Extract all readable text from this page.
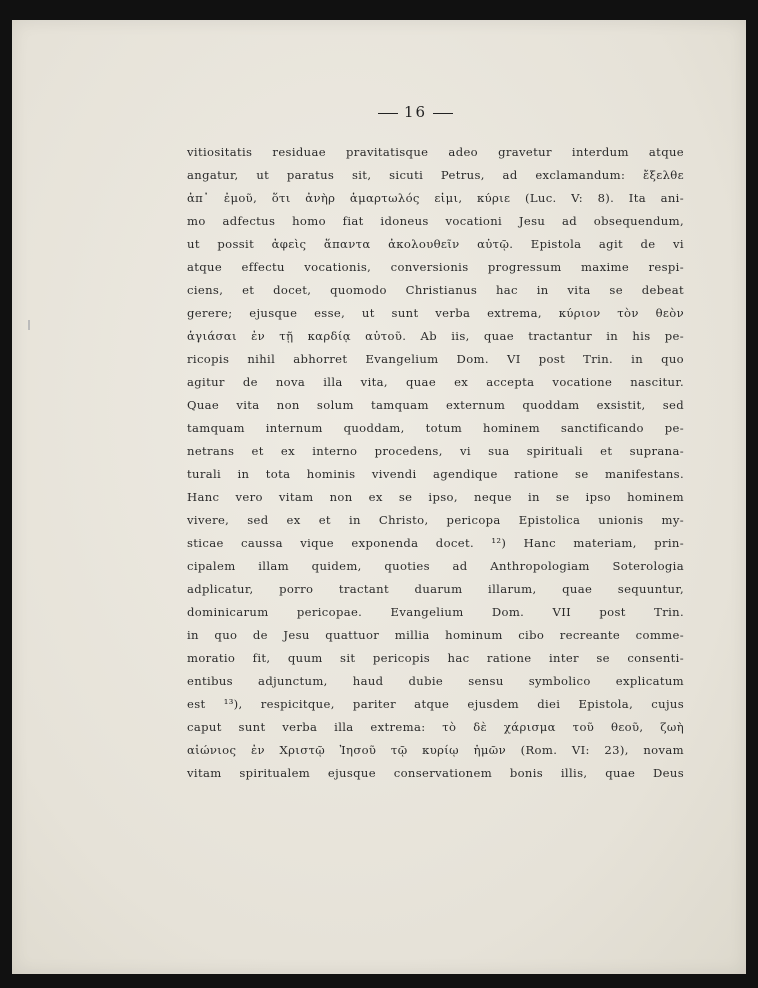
16
vitiositatis residuae pravitatisque adeo gravetur interdum atque
angatur, ut paratus sit, sicuti Petrus, ad exclamandum: ἔξελθε
ἀπ᾽ ἐμοῦ, ὅτι ἀνὴρ ἁμαρτωλός εἰμι, κύριε (Luc. V: 8). Ita ani-
mo adfectus homo fiat idoneus vocationi Jesu ad obsequendum,
ut possit ἀφεὶς ἅπαντα ἀκολουθεῖν αὐτῷ. Epistola agit de vi
atque effectu vocationis, conversionis progressum maxime respi-
ciens, et docet, quomodo Christianus hac in vita se debeat
gerere; ejusque esse, ut sunt verba extrema, κύριον τὸν θεὸν
ἁγιάσαι ἐν τῇ καρδίᾳ αὐτοῦ. Ab iis, quae tractantur in his pe-
ricopis nihil abhorret Evangelium Dom. VI post Trin. in quo
agitur de nova illa vita, quae ex accepta vocatione nascitur.
Quae vita non solum tamquam externum quoddam exsistit, sed
tamquam internum quoddam, totum hominem sanctificando pe-
netrans et ex interno procedens, vi sua spirituali et suprana-
turali in tota hominis vivendi agendique ratione se manifestans.
Hanc vero vitam non ex se ipso, neque in se ipso hominem
vivere, sed ex et in Christo, pericopa Epistolica unionis my-
sticae caussa vique exponenda docet. ¹²) Hanc materiam, prin-
cipalem illam quidem, quoties ad Anthropologiam Soterologia
adplicatur, porro tractant duarum illarum, quae sequuntur,
dominicarum pericopae. Evangelium Dom. VII post Trin.
in quo de Jesu quattuor millia hominum cibo recreante comme-
moratio fit, quum sit pericopis hac ratione inter se consenti-
entibus adjunctum, haud dubie sensu symbolico explicatum
est ¹³), respicitque, pariter atque ejusdem diei Epistola, cujus
caput sunt verba illa extrema: τὸ δὲ χάρισμα τοῦ θεοῦ, ζωὴ
αἰώνιος ἐν Χριστῷ Ἰησοῦ τῷ κυρίῳ ἡμῶν (Rom. VI: 23), novam
vitam spiritualem ejusque conservationem bonis illis, quae Deus
